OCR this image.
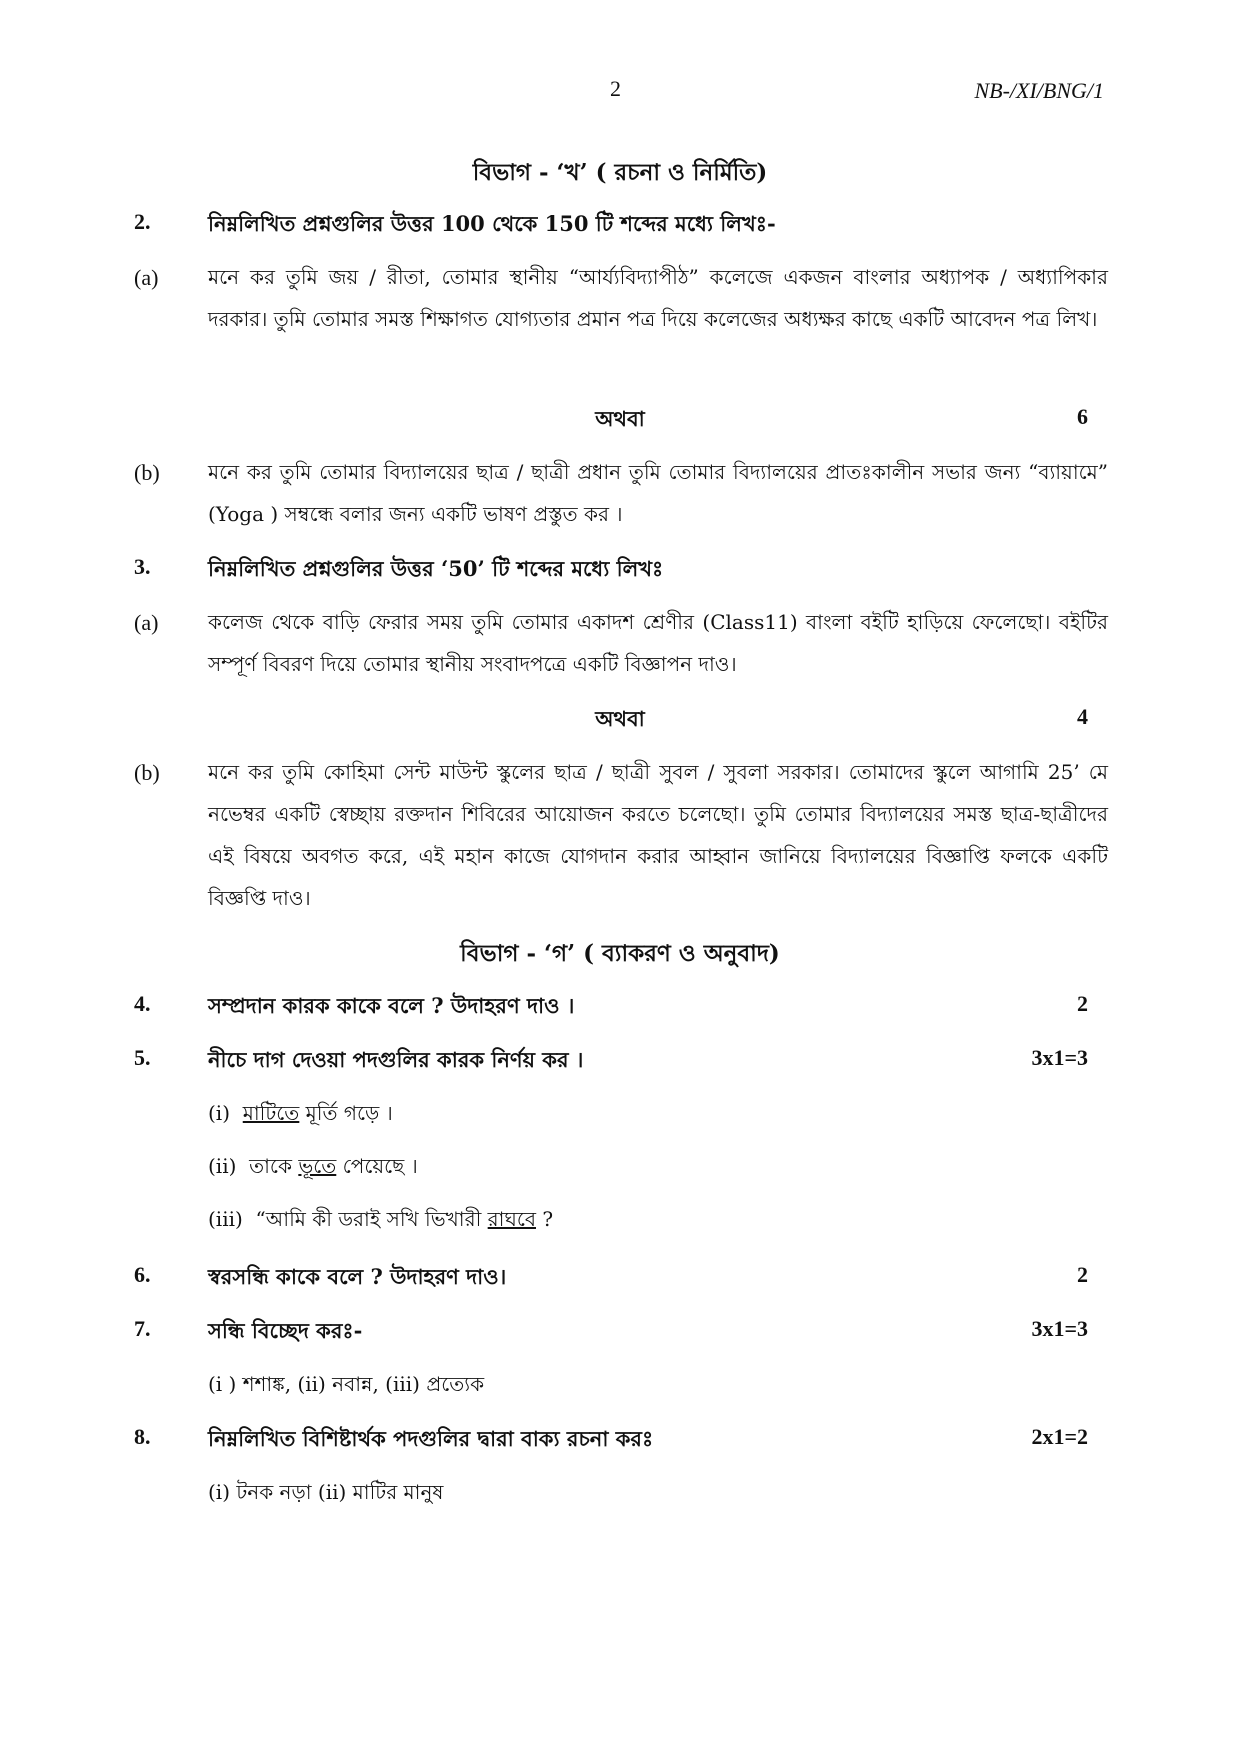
2	NB-/XI/BNG/1
বিভাগ - ‘খ’ ( রচনা ও নির্মিতি)
2.	নিম্নলিখিত প্রশ্নগুলির উত্তর 100 থেকে 150 টি শব্দের মধ্যে লিখঃ-
(a) মনে কর তুমি জয় / রীতা, তোমার স্থানীয় “আর্য্যবিদ্যাপীঠ” কলেজে একজন বাংলার অধ্যাপক / অধ্যাপিকার দরকার। তুমি তোমার সমস্ত শিক্ষাগত যোগ্যতার প্রমান পত্র দিয়ে কলেজের অধ্যক্ষর কাছে একটি আবেদন পত্র লিখ।
অথবা	6
(b) মনে কর তুমি তোমার বিদ্যালয়ের ছাত্র / ছাত্রী প্রধান তুমি তোমার বিদ্যালয়ের প্রাতঃকালীন সভার জন্য “ব্যায়ামে” (Yoga ) সম্বন্ধে বলার জন্য একটি ভাষণ প্রস্তুত কর ।
3.	নিম্নলিখিত প্রশ্নগুলির উত্তর ‘50’ টি শব্দের মধ্যে লিখঃ
(a) কলেজ থেকে বাড়ি ফেরার সময় তুমি তোমার একাদশ শ্রেণীর (Class11) বাংলা বইটি হাড়িয়ে ফেলেছো। বইটির সম্পূর্ণ বিবরণ দিয়ে তোমার স্থানীয় সংবাদপত্রে একটি বিজ্ঞাপন দাও।
অথবা	4
(b) মনে কর তুমি কোহিমা সেন্ট মাউন্ট স্কুলের ছাত্র / ছাত্রী সুবল / সুবলা সরকার। তোমাদের স্কুলে আগামি 25’ মে নভেম্বর একটি স্বেচ্ছায় রক্তদান শিবিরের আয়োজন করতে চলেছো। তুমি তোমার বিদ্যালয়ের সমস্ত ছাত্র-ছাত্রীদের এই বিষয়ে অবগত করে, এই মহান কাজে যোগদান করার আহ্বান জানিয়ে বিদ্যালয়ের বিজ্ঞাপ্তি ফলকে একটি বিজ্ঞপ্তি দাও।
বিভাগ - ‘গ’ ( ব্যাকরণ ও অনুবাদ)
4.	সম্প্রদান কারক কাকে বলে ? উদাহরণ দাও ।	2
5.	নীচে দাগ দেওয়া পদগুলির কারক নির্ণয় কর ।	3x1=3
(i) মাটিতে মূর্তি গড়ে ।
(ii) তাকে ভূতে পেয়েছে ।
(iii) “আমি কী ডরাই সখি ভিখারী রাঘবে ?
6.	স্বরসন্ধি কাকে বলে ? উদাহরণ দাও।	2
7.	সন্ধি বিচ্ছেদ করঃ-	3x1=3
(i ) শশাঙ্ক, (ii) নবান্ন, (iii) প্রত্যেক
8.	নিম্নলিখিত বিশিষ্টার্থক পদগুলির দ্বারা বাক্য রচনা করঃ	2x1=2
(i) টনক নড়া (ii) মাটির মানুষ
